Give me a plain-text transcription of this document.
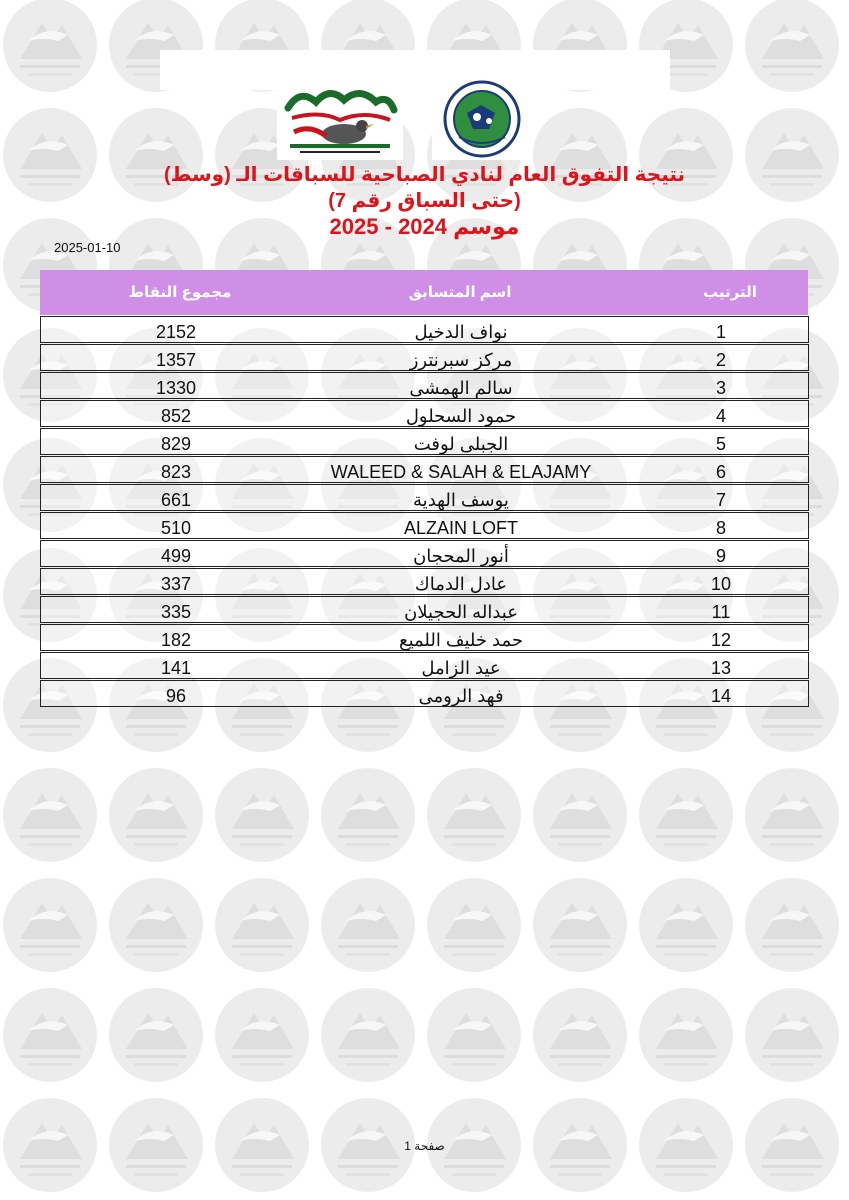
نتيجة التفوق العام لنادي الصباحية للسباقات الـ (وسط)

(حتى السباق رقم 7)

موسم 2024 - 2025

2025-01-10
مجموع النقاط	اسم المتسابق	الترتيب
2152	نواف الدخيل	1
1357	مركز سبرنترز	2
1330	سالم الهمشى	3
852	حمود السحلول	4
829	الجبلى لوفت	5
823	WALEED & SALAH & ELAJAMY	6
661	يوسف الهدية	7
510	ALZAIN LOFT	8
499	أنور المحجان	9
337	عادل الدماك	10
335	عبداله الحجيلان	11
182	حمد خليف اللميع	12
141	عيد الزامل	13
96	فهد الرومى	14
صفحة 1
